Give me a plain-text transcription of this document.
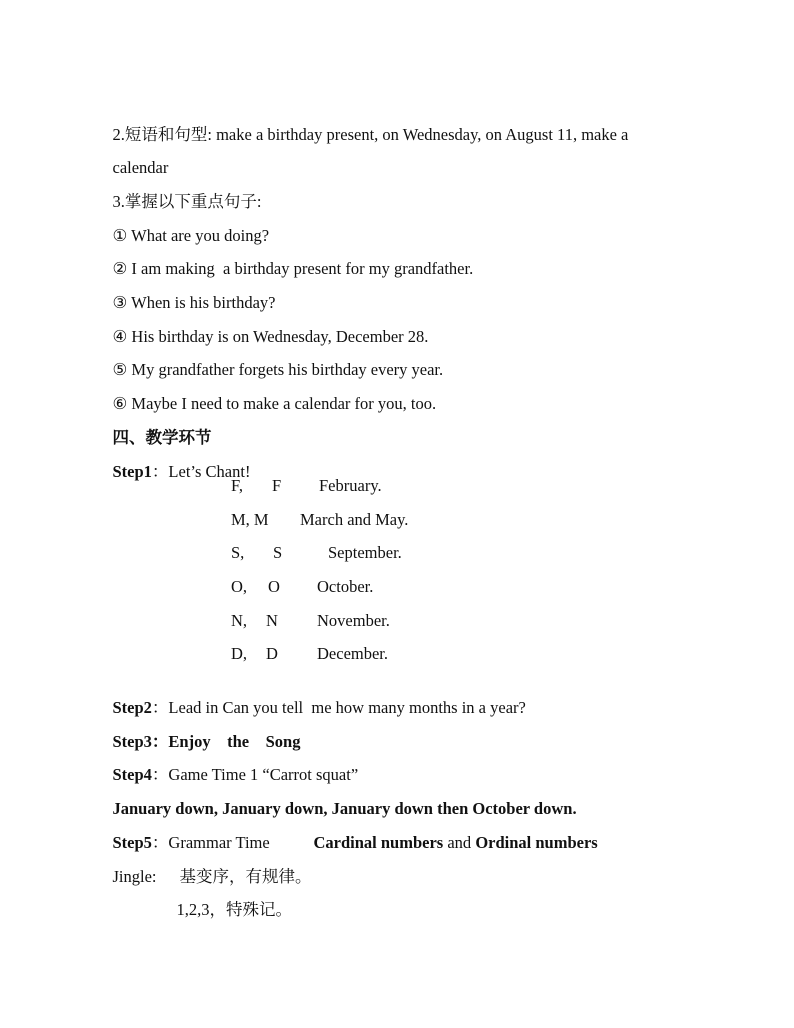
2.短语和句型: make a birthday present, on Wednesday, on August 11, make a

calendar

3.掌握以下重点句子:

① What are you doing?

② I am making  a birthday present for my grandfather.

③ When is his birthday?

④ His birthday is on Wednesday, December 28.

⑤ My grandfather forgets his birthday every year.

⑥ Maybe I need to make a calendar for you, too.

四、教学环节

Step1：Let’s Chant!

F, F February.
M, M March and May.
S, S	September.
O, O October.
N, N November.
D, D December.

Step2：Lead in Can you tell  me how many months in a year?

Step3：Enjoy    the    Song

Step4：Game Time 1 “Carrot squat”

January down, January down, January down then October down.

Step5：Grammar Time
	Cardinal numbers and Ordinal numbers

Jingle:
	基变序，有规律。

1,2,3，特殊记。
